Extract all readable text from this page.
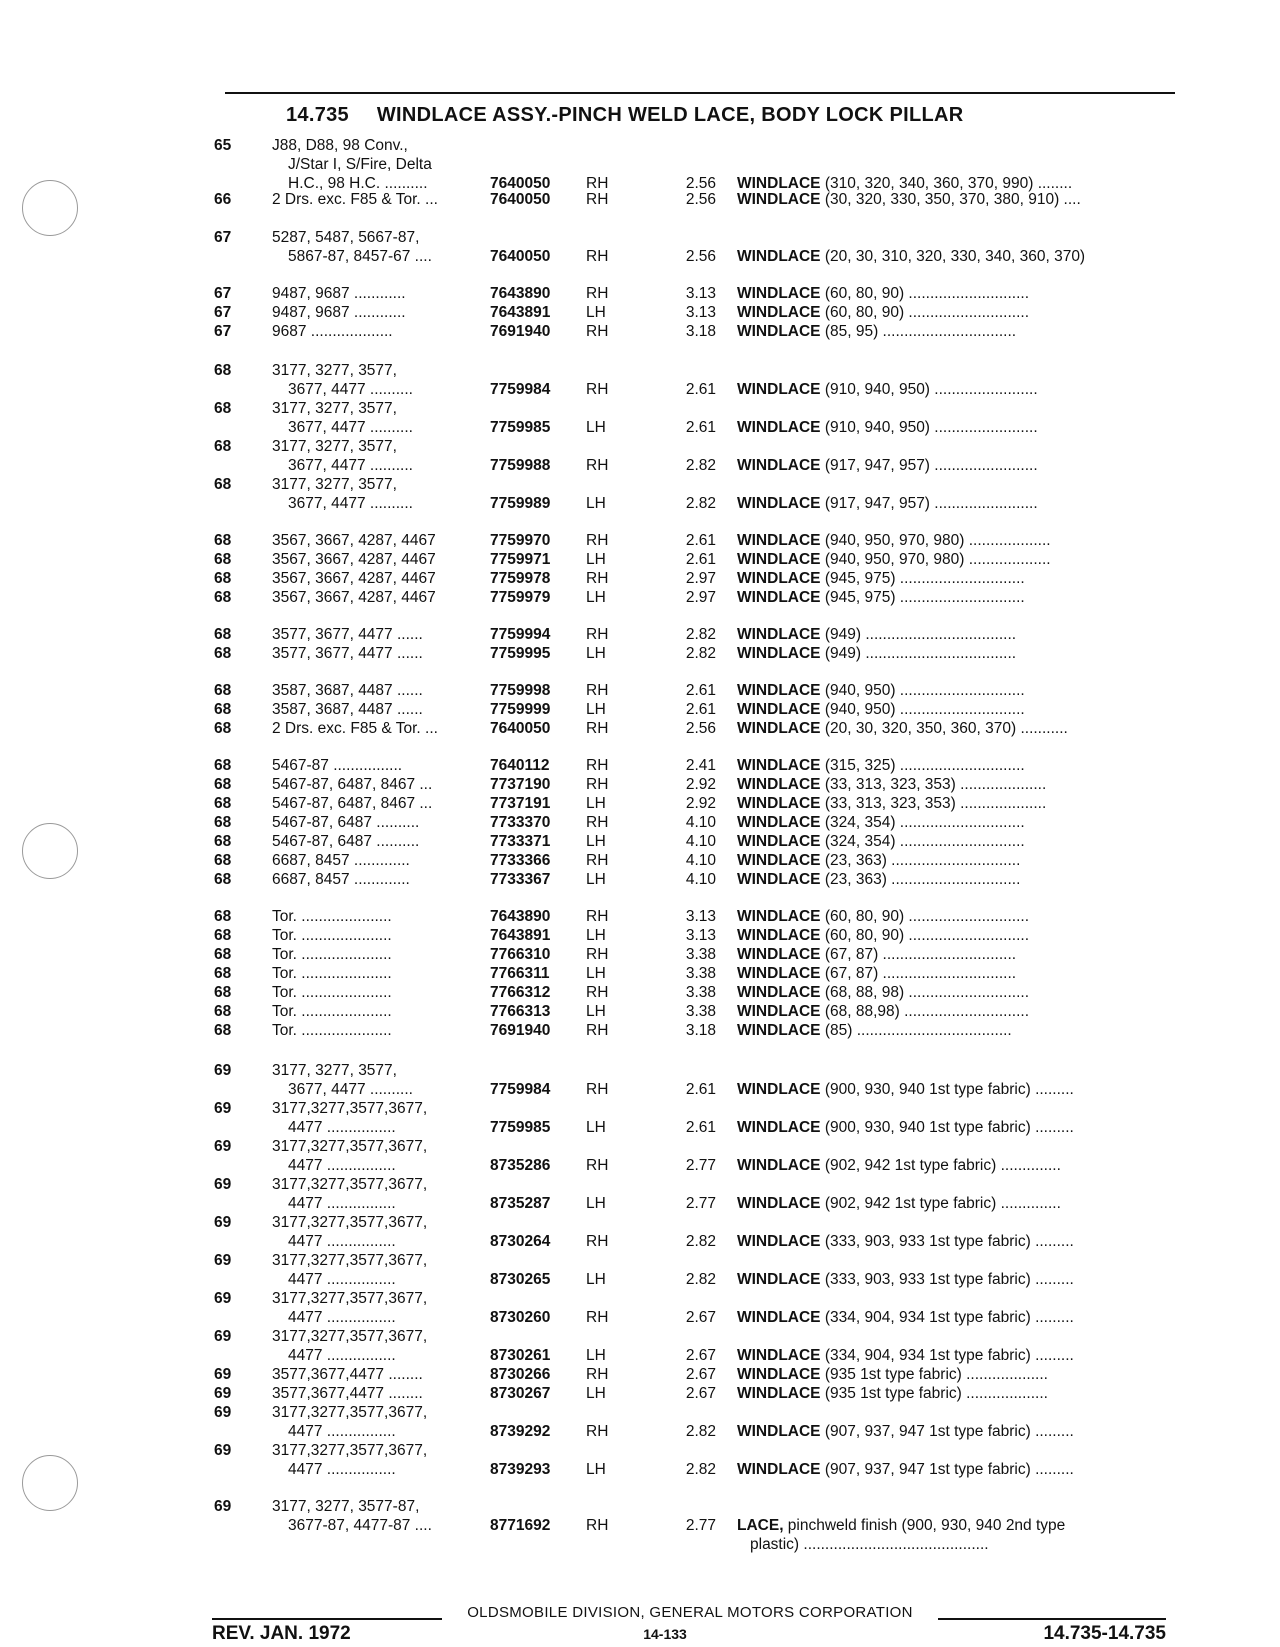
14.735 WINDLACE ASSY.-PINCH WELD LACE, BODY LOCK PILLAR
65	J88, D88, 98 Conv.,
J/Star I, S/Fire, Delta
H.C., 98 H.C. ..........	7640050 RH	2.56 WINDLACE (310, 320, 340, 360, 370, 990) ........
66	2 Drs. exc. F85 & Tor. ...	7640050 RH	2.56 WINDLACE (30, 320, 330, 350, 370, 380, 910) ....
67	5287, 5487, 5667-87,
5867-87, 8457-67 ....	7640050 RH	2.56 WINDLACE (20, 30, 310, 320, 330, 340, 360, 370)
67	9487, 9687 ............	7643890 RH	3.13 WINDLACE (60, 80, 90) ............................
67	9487, 9687 ............	7643891 LH	3.13 WINDLACE (60, 80, 90) ............................
67	9687 ...................	7691940 RH	3.18 WINDLACE (85, 95) ...............................
68	3177, 3277, 3577,
3677, 4477 ..........	7759984 RH	2.61 WINDLACE (910, 940, 950) ........................
68	3177, 3277, 3577,
3677, 4477 ..........	7759985 LH	2.61 WINDLACE (910, 940, 950) ........................
68	3177, 3277, 3577,
3677, 4477 ..........	7759988 RH	2.82 WINDLACE (917, 947, 957) ........................
68	3177, 3277, 3577,
3677, 4477 ..........	7759989 LH	2.82 WINDLACE (917, 947, 957) ........................
68	3567, 3667, 4287, 4467	7759970 RH	2.61 WINDLACE (940, 950, 970, 980) ...................
68	3567, 3667, 4287, 4467	7759971 LH	2.61 WINDLACE (940, 950, 970, 980) ...................
68	3567, 3667, 4287, 4467	7759978 RH	2.97 WINDLACE (945, 975) .............................
68	3567, 3667, 4287, 4467	7759979 LH	2.97 WINDLACE (945, 975) .............................
68	3577, 3677, 4477 ......	7759994 RH	2.82 WINDLACE (949) ...................................
68	3577, 3677, 4477 ......	7759995 LH	2.82 WINDLACE (949) ...................................
68	3587, 3687, 4487 ......	7759998 RH	2.61 WINDLACE (940, 950) .............................
68	3587, 3687, 4487 ......	7759999 LH	2.61 WINDLACE (940, 950) .............................
68	2 Drs. exc. F85 & Tor. ...	7640050 RH	2.56 WINDLACE (20, 30, 320, 350, 360, 370) ...........
68	5467-87 ................	7640112 RH	2.41 WINDLACE (315, 325) .............................
68	5467-87, 6487, 8467 ...	7737190 RH	2.92 WINDLACE (33, 313, 323, 353) ....................
68	5467-87, 6487, 8467 ...	7737191 LH	2.92 WINDLACE (33, 313, 323, 353) ....................
68	5467-87, 6487 ..........	7733370 RH	4.10 WINDLACE (324, 354) .............................
68	5467-87, 6487 ..........	7733371 LH	4.10 WINDLACE (324, 354) .............................
68	6687, 8457 .............	7733366 RH	4.10 WINDLACE (23, 363) ..............................
68	6687, 8457 .............	7733367 LH	4.10 WINDLACE (23, 363) ..............................
68	Tor. .....................	7643890 RH	3.13 WINDLACE (60, 80, 90) ............................
68	Tor. .....................	7643891 LH	3.13 WINDLACE (60, 80, 90) ............................
68	Tor. .....................	7766310 RH	3.38 WINDLACE (67, 87) ...............................
68	Tor. .....................	7766311 LH	3.38 WINDLACE (67, 87) ...............................
68	Tor. .....................	7766312 RH	3.38 WINDLACE (68, 88, 98) ............................
68	Tor. .....................	7766313 LH	3.38 WINDLACE (68, 88,98) .............................
68	Tor. .....................	7691940 RH	3.18 WINDLACE (85) ....................................
69	3177, 3277, 3577,
3677, 4477 ..........	7759984 RH	2.61 WINDLACE (900, 930, 940 1st type fabric) .........
69	3177,3277,3577,3677,
4477 ................	7759985 LH	2.61 WINDLACE (900, 930, 940 1st type fabric) .........
69	3177,3277,3577,3677,
4477 ................	8735286 RH	2.77 WINDLACE (902, 942 1st type fabric) ..............
69	3177,3277,3577,3677,
4477 ................	8735287 LH	2.77 WINDLACE (902, 942 1st type fabric) ..............
69	3177,3277,3577,3677,
4477 ................	8730264 RH	2.82 WINDLACE (333, 903, 933 1st type fabric) .........
69	3177,3277,3577,3677,
4477 ................	8730265 LH	2.82 WINDLACE (333, 903, 933 1st type fabric) .........
69	3177,3277,3577,3677,
4477 ................	8730260 RH	2.67 WINDLACE (334, 904, 934 1st type fabric) .........
69	3177,3277,3577,3677,
4477 ................	8730261 LH	2.67 WINDLACE (334, 904, 934 1st type fabric) .........
69	3577,3677,4477 ........	8730266 RH	2.67 WINDLACE (935 1st type fabric) ...................
69	3577,3677,4477 ........	8730267 LH	2.67 WINDLACE (935 1st type fabric) ...................
69	3177,3277,3577,3677,
4477 ................	8739292 RH	2.82 WINDLACE (907, 937, 947 1st type fabric) .........
69	3177,3277,3577,3677,
4477 ................	8739293 LH	2.82 WINDLACE (907, 937, 947 1st type fabric) .........
69	3177, 3277, 3577-87,
3677-87, 4477-87 ....	8771692 RH	2.77 LACE, pinchweld finish (900, 930, 940 2nd type
plastic) ...........................................
OLDSMOBILE DIVISION, GENERAL MOTORS CORPORATION
REV. JAN. 1972	14-133	14.735-14.735
